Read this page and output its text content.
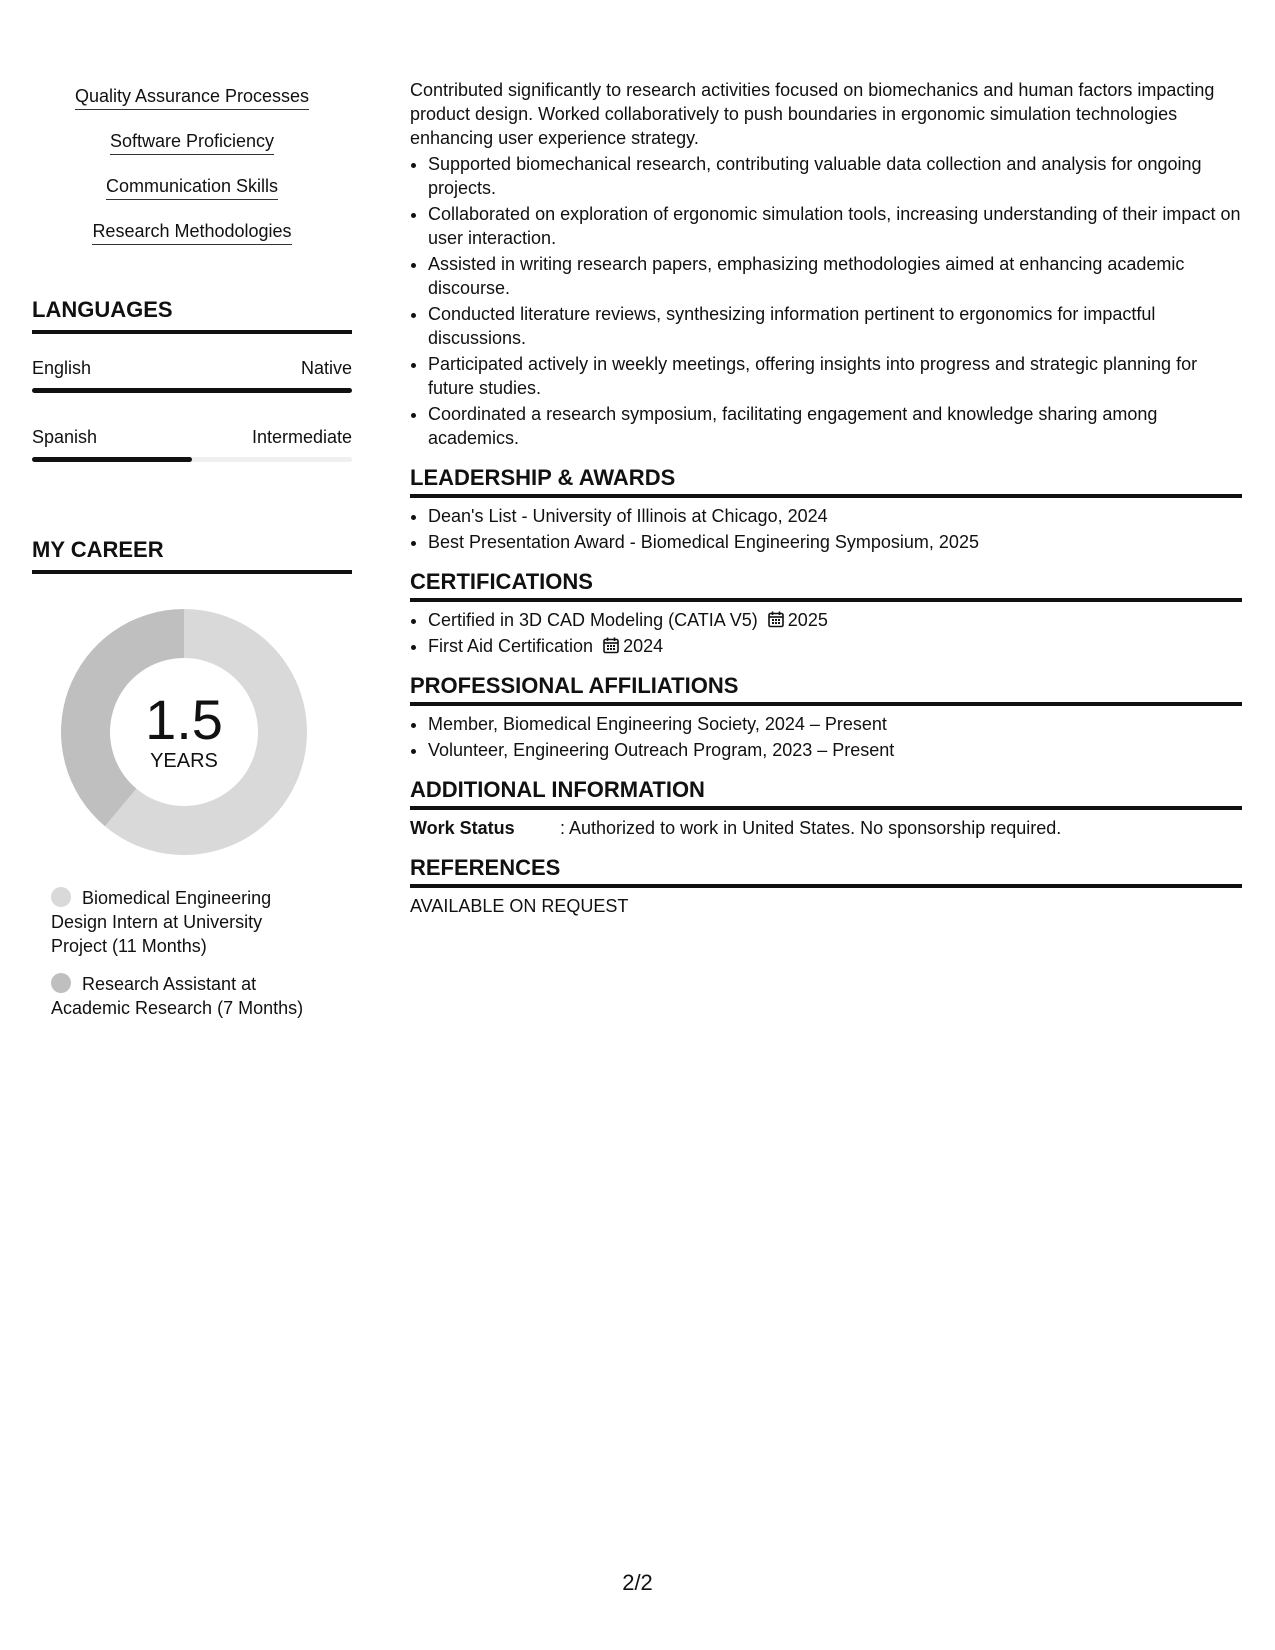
Quality Assurance Processes
Software Proficiency
Communication Skills
Research Methodologies
LANGUAGES
English	Native
Spanish	Intermediate
MY CAREER
1.5
YEARS
Biomedical Engineering Design Intern at University Project (11 Months)
Research Assistant at Academic Research (7 Months)

Contributed significantly to research activities focused on biomechanics and human factors impacting product design. Worked collaboratively to push boundaries in ergonomic simulation technologies enhancing user experience strategy.

• Supported biomechanical research, contributing valuable data collection and analysis for ongoing projects.
• Collaborated on exploration of ergonomic simulation tools, increasing understanding of their impact on user interaction.
• Assisted in writing research papers, emphasizing methodologies aimed at enhancing academic discourse.
• Conducted literature reviews, synthesizing information pertinent to ergonomics for impactful discussions.
• Participated actively in weekly meetings, offering insights into progress and strategic planning for future studies.
• Coordinated a research symposium, facilitating engagement and knowledge sharing among academics.
LEADERSHIP & AWARDS
• Dean's List - University of Illinois at Chicago, 2024
• Best Presentation Award - Biomedical Engineering Symposium, 2025
CERTIFICATIONS
• Certified in 3D CAD Modeling (CATIA V5) 2025
• First Aid Certification 2024
PROFESSIONAL AFFILIATIONS
• Member, Biomedical Engineering Society, 2024 – Present
• Volunteer, Engineering Outreach Program, 2023 – Present
ADDITIONAL INFORMATION
Work Status	: Authorized to work in United States. No sponsorship required.
REFERENCES
AVAILABLE ON REQUEST
2/2
